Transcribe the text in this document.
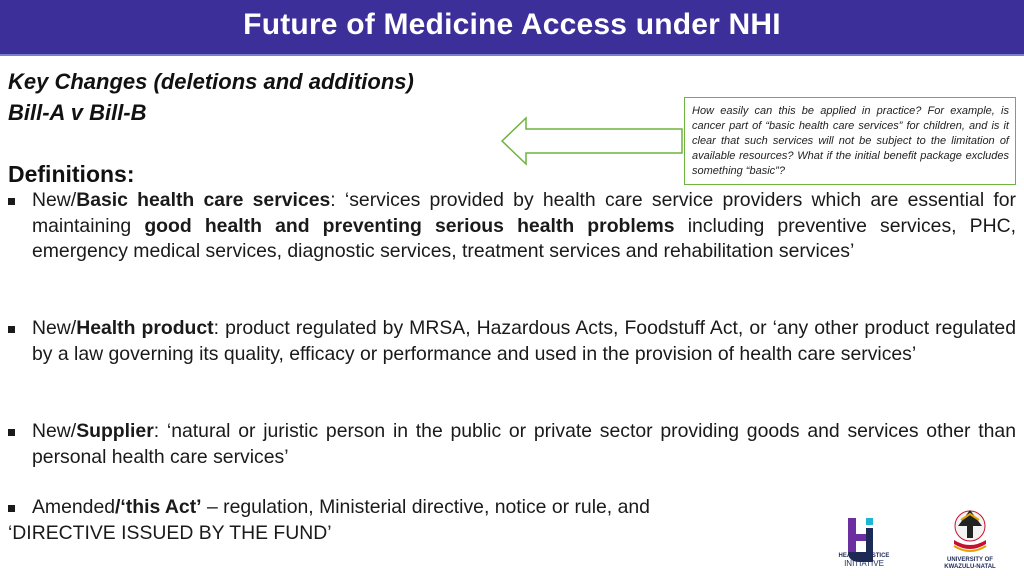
Future of Medicine Access under NHI
Key Changes (deletions and additions)
Bill-A v Bill-B	How easily can this be applied in practice? For example, is cancer part of “basic health care services” for children, and is it clear that such services will not be subject to the limitation of available resources? What if the initial benefit package excludes something “basic”?
Definitions:
New/Basic health care services: ‘services provided by health care service providers which are essential for maintaining good health and preventing serious health problems including preventive services, PHC, emergency medical services, diagnostic services, treatment services and rehabilitation services’
New/Health product: product regulated by MRSA, Hazardous Acts, Foodstuff Act, or ‘any other product regulated by a law governing its quality, efficacy or performance and used in the provision of health care services’
New/Supplier: ‘natural or juristic person in the public or private sector providing goods and services other than personal health care services’
Amended/‘this Act’ – regulation, Ministerial directive, notice or rule, and
‘DIRECTIVE ISSUED BY THE FUND’
HEALTH JUSTICE
INITIATIVE	UNIVERSITY OF
KWAZULU-NATAL
